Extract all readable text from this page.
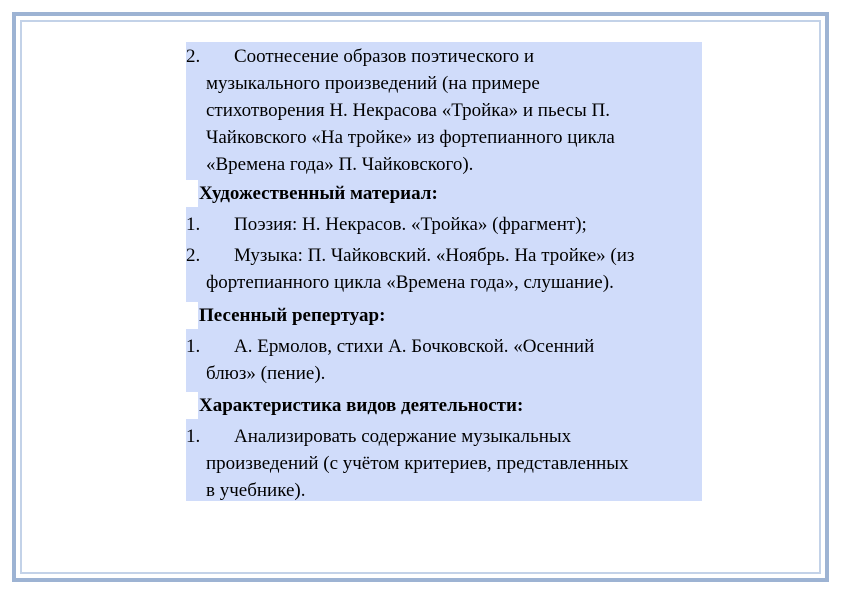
2. Соотнесение образов поэтического и
музыкального произведений (на примере
стихотворения Н. Некрасова «Тройка» и пьесы П.
Чайковского «На тройке» из фортепианного цикла
«Времена года» П. Чайковского).
Художественный материал:
1. Поэзия: Н. Некрасов. «Тройка» (фрагмент);
2. Музыка: П. Чайковский. «Ноябрь. На тройке» (из
фортепианного цикла «Времена года», слушание).
Песенный репертуар:
1. А. Ермолов, стихи А. Бочковской. «Осенний
блюз» (пение).
Характеристика видов деятельности:
1. Анализировать содержание музыкальных
произведений (с учётом критериев, представленных
в учебнике).
